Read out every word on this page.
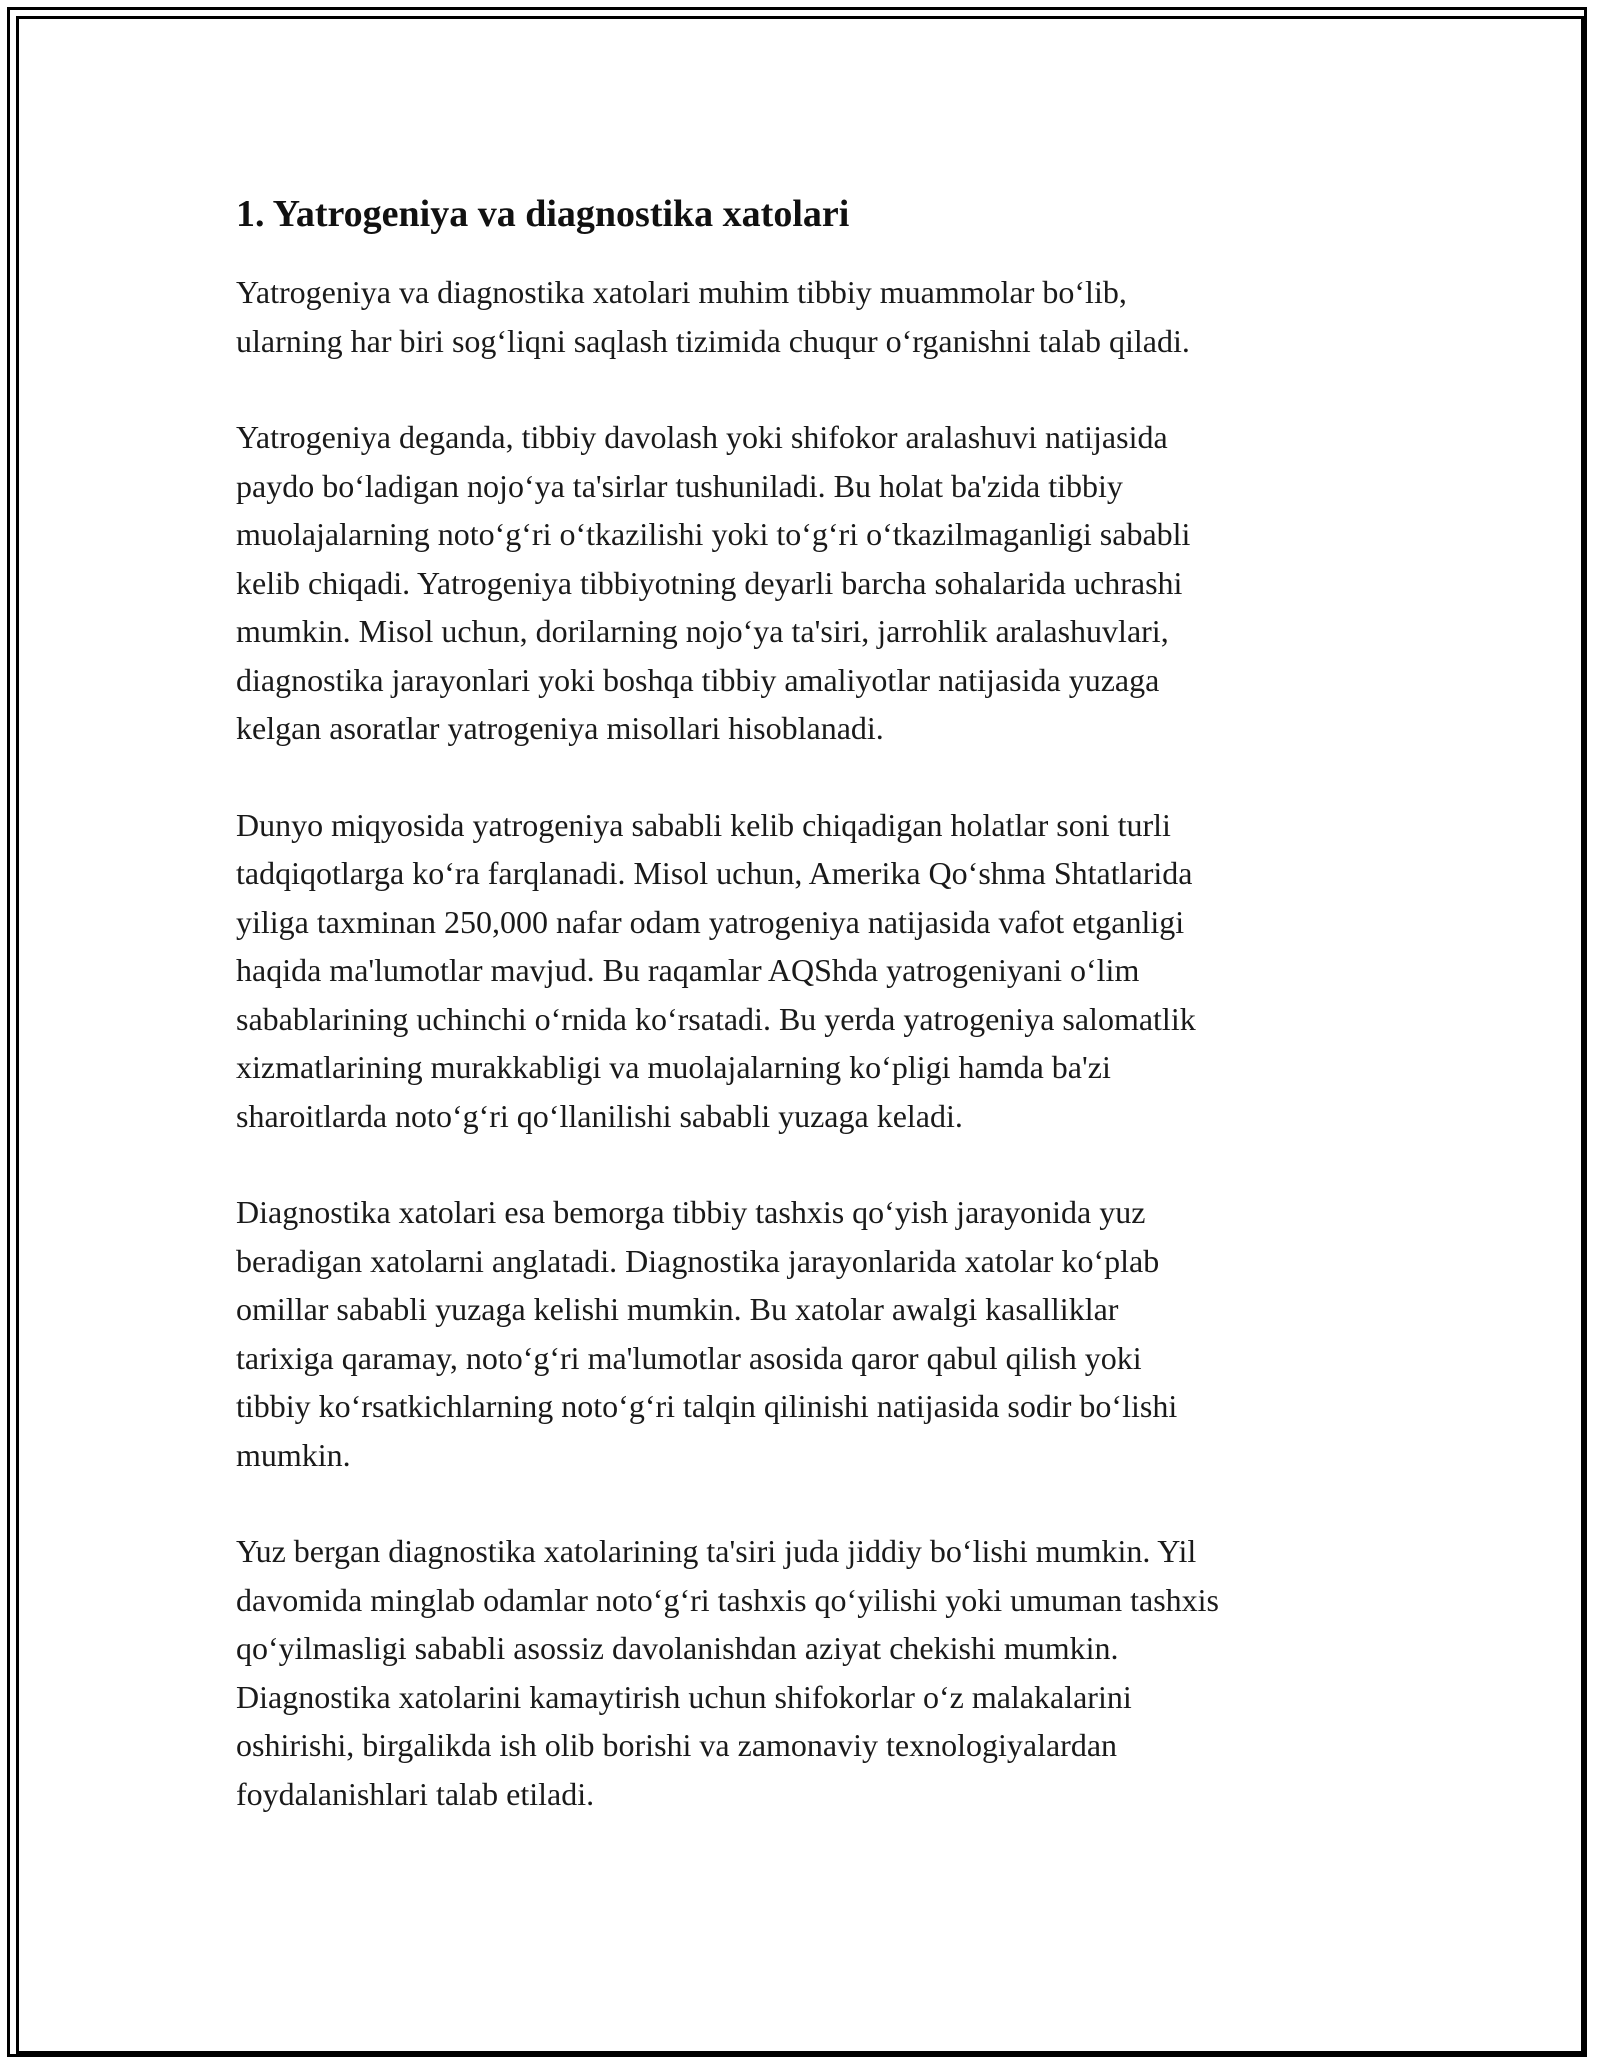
1. Yatrogeniya va diagnostika xatolari

Yatrogeniya va diagnostika xatolari muhim tibbiy muammolar bo‘lib,
ularning har biri sog‘liqni saqlash tizimida chuqur o‘rganishni talab qiladi.

Yatrogeniya deganda, tibbiy davolash yoki shifokor aralashuvi natijasida
paydo bo‘ladigan nojo‘ya ta'sirlar tushuniladi. Bu holat ba'zida tibbiy
muolajalarning noto‘g‘ri o‘tkazilishi yoki to‘g‘ri o‘tkazilmaganligi sababli
kelib chiqadi. Yatrogeniya tibbiyotning deyarli barcha sohalarida uchrashi
mumkin. Misol uchun, dorilarning nojo‘ya ta'siri, jarrohlik aralashuvlari,
diagnostika jarayonlari yoki boshqa tibbiy amaliyotlar natijasida yuzaga
kelgan asoratlar yatrogeniya misollari hisoblanadi.

Dunyo miqyosida yatrogeniya sababli kelib chiqadigan holatlar soni turli
tadqiqotlarga ko‘ra farqlanadi. Misol uchun, Amerika Qo‘shma Shtatlarida
yiliga taxminan 250,000 nafar odam yatrogeniya natijasida vafot etganligi
haqida ma'lumotlar mavjud. Bu raqamlar AQShda yatrogeniyani o‘lim
sabablarining uchinchi o‘rnida ko‘rsatadi. Bu yerda yatrogeniya salomatlik
xizmatlarining murakkabligi va muolajalarning ko‘pligi hamda ba'zi
sharoitlarda noto‘g‘ri qo‘llanilishi sababli yuzaga keladi.

Diagnostika xatolari esa bemorga tibbiy tashxis qo‘yish jarayonida yuz
beradigan xatolarni anglatadi. Diagnostika jarayonlarida xatolar ko‘plab
omillar sababli yuzaga kelishi mumkin. Bu xatolar awalgi kasalliklar
tarixiga qaramay, noto‘g‘ri ma'lumotlar asosida qaror qabul qilish yoki
tibbiy ko‘rsatkichlarning noto‘g‘ri talqin qilinishi natijasida sodir bo‘lishi
mumkin.

Yuz bergan diagnostika xatolarining ta'siri juda jiddiy bo‘lishi mumkin. Yil
davomida minglab odamlar noto‘g‘ri tashxis qo‘yilishi yoki umuman tashxis
qo‘yilmasligi sababli asossiz davolanishdan aziyat chekishi mumkin.
Diagnostika xatolarini kamaytirish uchun shifokorlar o‘z malakalarini
oshirishi, birgalikda ish olib borishi va zamonaviy texnologiyalardan
foydalanishlari talab etiladi.
